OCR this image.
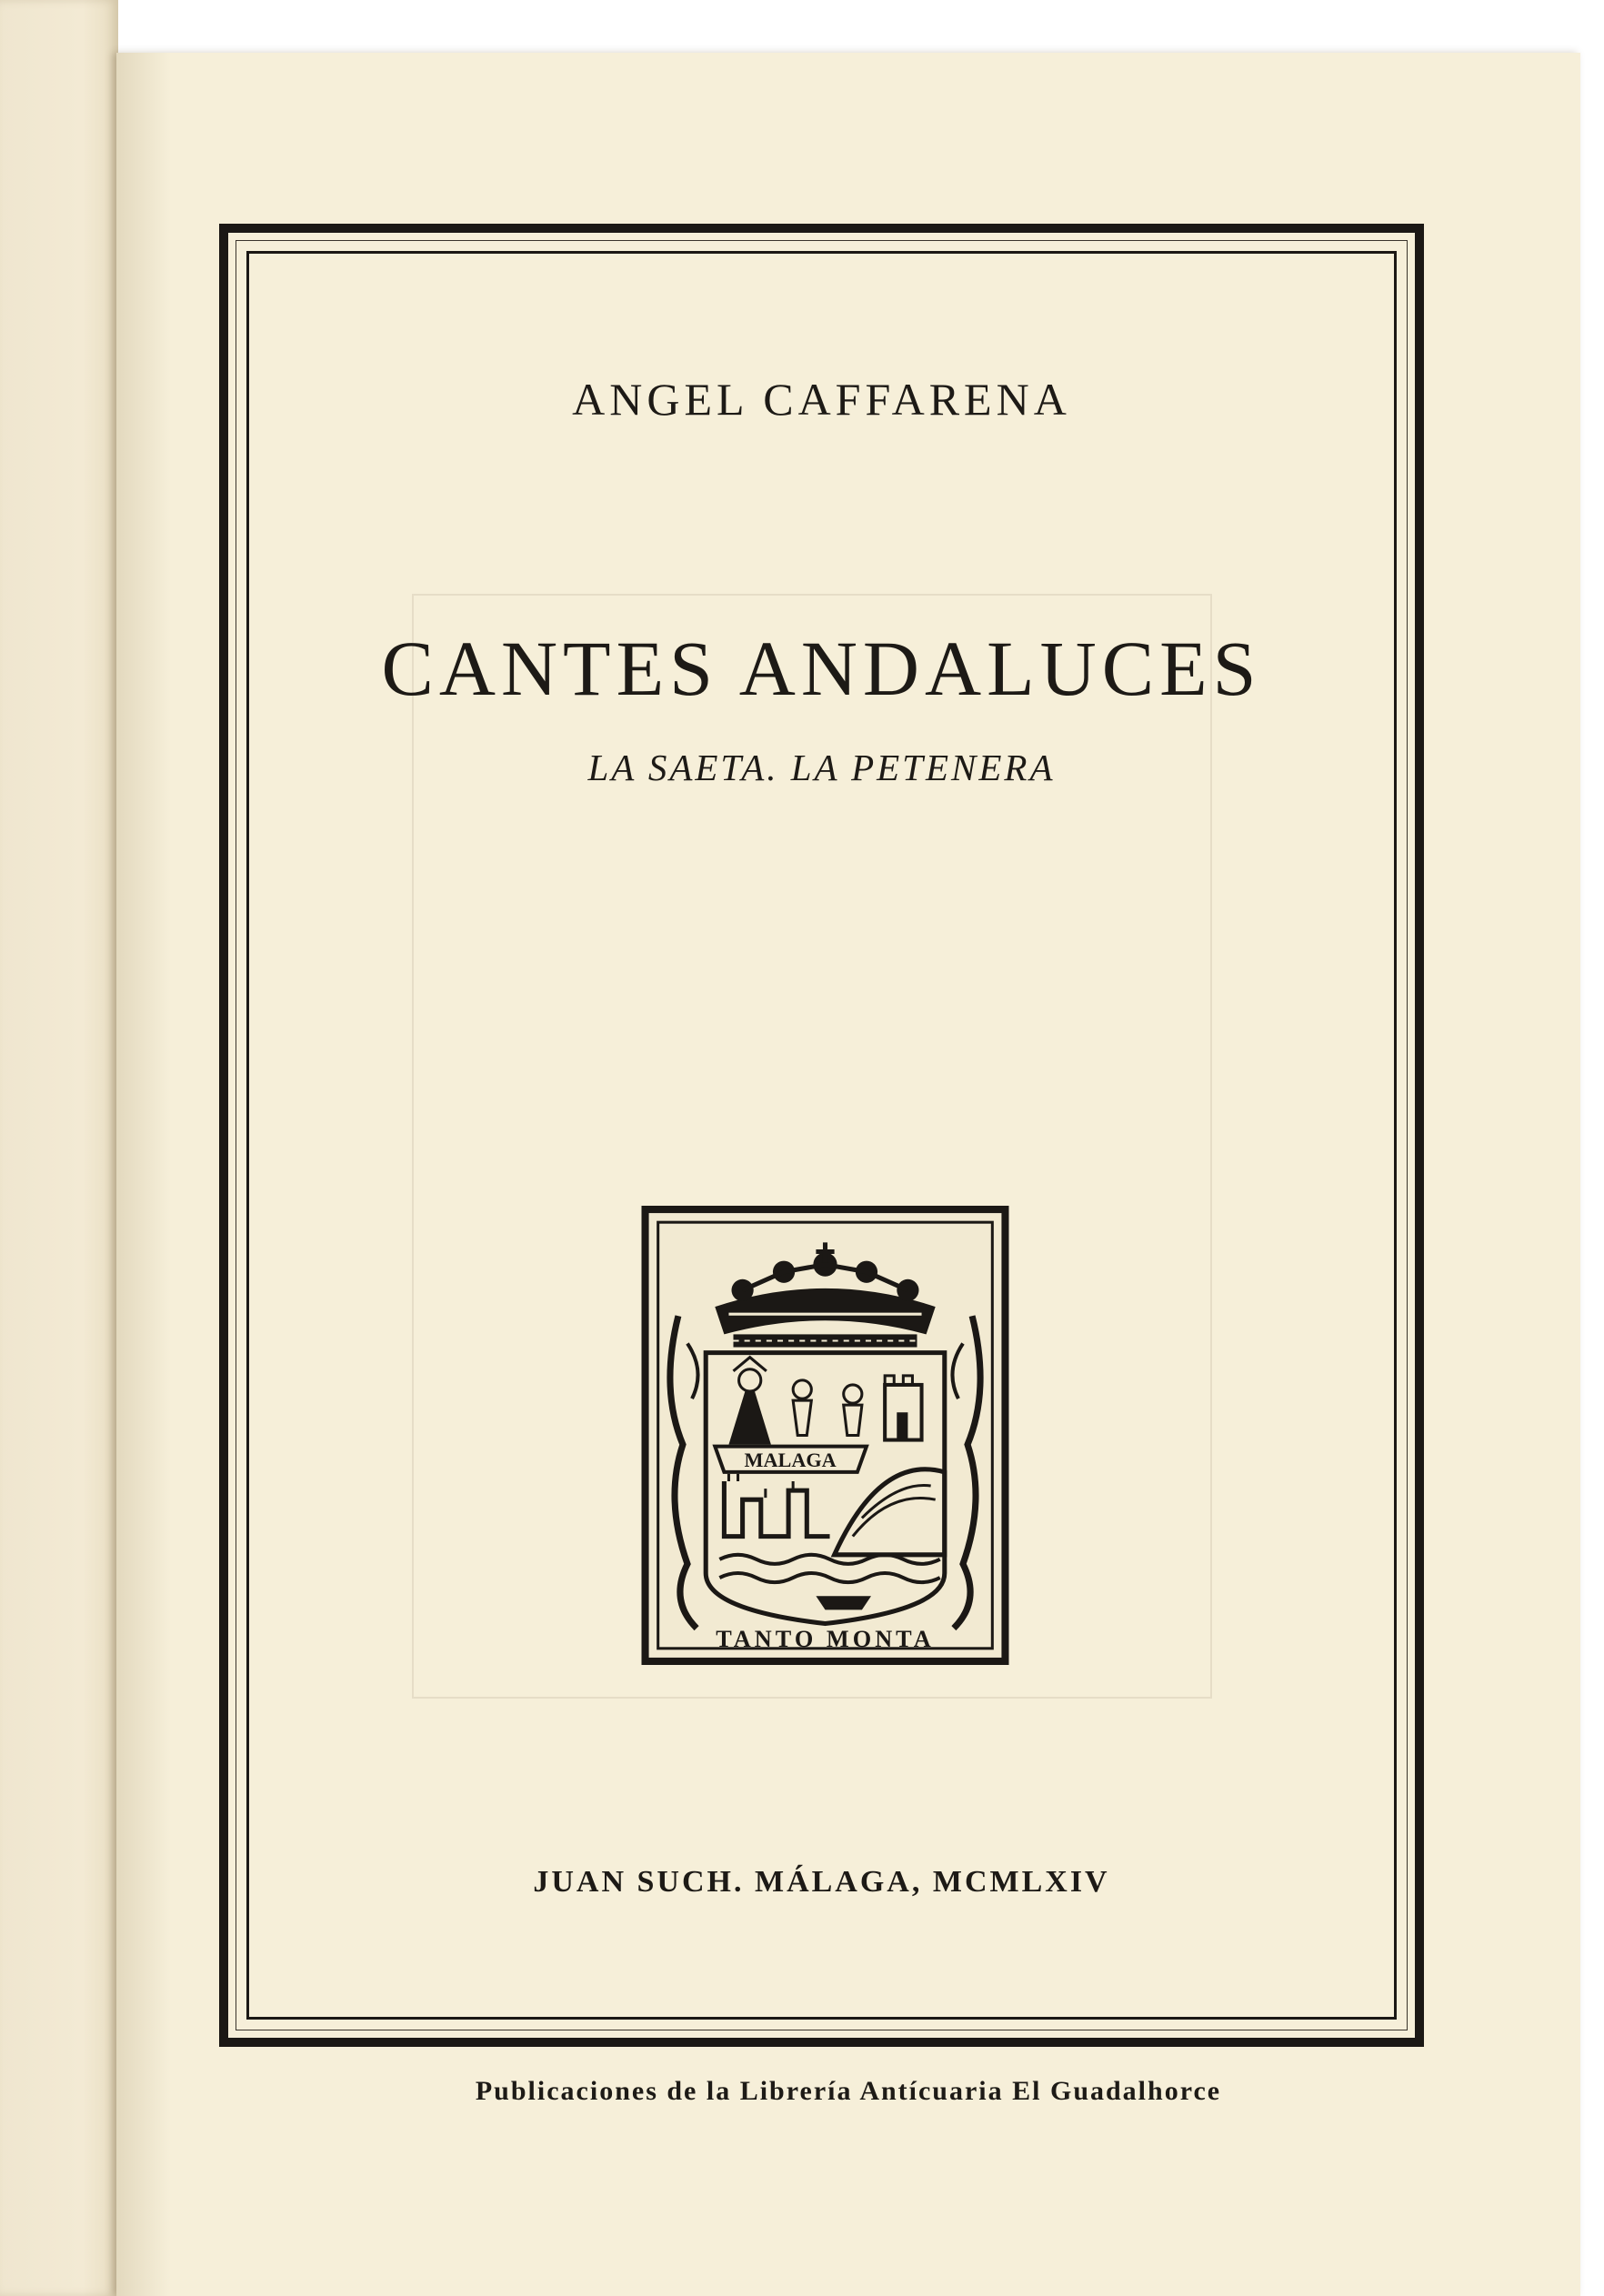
ANGEL CAFFARENA
CANTES ANDALUCES
LA SAETA. LA PETENERA
MALAGA
TANTO MONTA
JUAN SUCH. MÁLAGA, MCMLXIV
Publicaciones de la Librería Antícuaria El Guadalhorce
